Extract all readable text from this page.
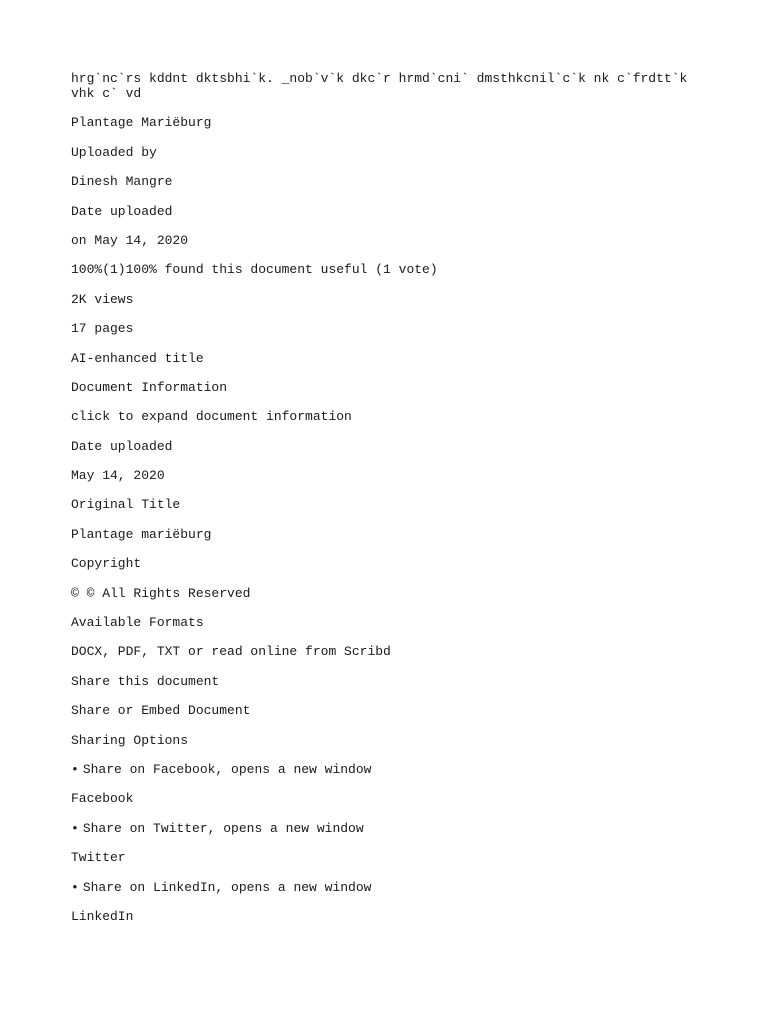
hrg`nc`rs kddnt dktsbhi`k. _nob`v`k dkc`r hrmd`cni` dmsthkcnil`c`k nk c`frdtt`k vhk c` vd
Plantage Mariëburg
Uploaded by
Dinesh Mangre
Date uploaded
on May 14, 2020
100%(1)100% found this document useful (1 vote)
2K views
17 pages
AI-enhanced title
Document Information
click to expand document information
Date uploaded
May 14, 2020
Original Title
Plantage mariëburg
Copyright
© © All Rights Reserved
Available Formats
DOCX, PDF, TXT or read online from Scribd
Share this document
Share or Embed Document
Sharing Options
• Share on Facebook, opens a new window
Facebook
• Share on Twitter, opens a new window
Twitter
• Share on LinkedIn, opens a new window
LinkedIn
